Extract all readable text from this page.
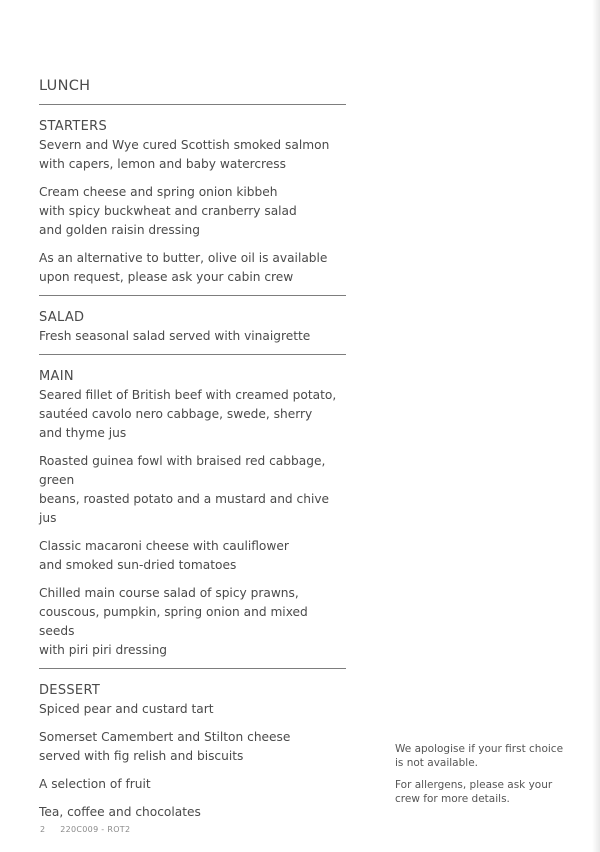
LUNCH
STARTERS
Severn and Wye cured Scottish smoked salmon
with capers, lemon and baby watercress
Cream cheese and spring onion kibbeh
with spicy buckwheat and cranberry salad
and golden raisin dressing
As an alternative to butter, olive oil is available
upon request, please ask your cabin crew
SALAD
Fresh seasonal salad served with vinaigrette
MAIN
Seared fillet of British beef with creamed potato,
sautéed cavolo nero cabbage, swede, sherry
and thyme jus
Roasted guinea fowl with braised red cabbage, green
beans, roasted potato and a mustard and chive jus
Classic macaroni cheese with cauliflower
and smoked sun-dried tomatoes
Chilled main course salad of spicy prawns,
couscous, pumpkin, spring onion and mixed seeds
with piri piri dressing
DESSERT
Spiced pear and custard tart
Somerset Camembert and Stilton cheese
served with fig relish and biscuits
A selection of fruit
Tea, coffee and chocolates
We apologise if your first choice
is not available.
For allergens, please ask your
crew for more details.
2 220C009 - ROT2
